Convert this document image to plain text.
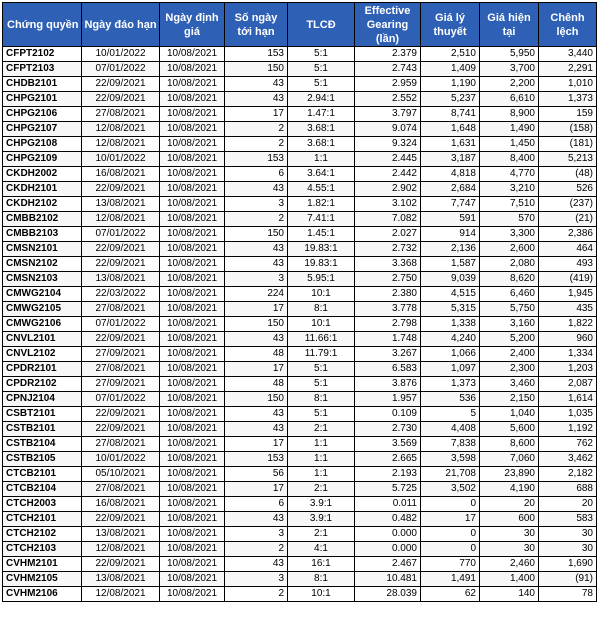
Chứng quyền	Ngày đáo hạn	Ngày định giá	Số ngày tới hạn	TLCĐ	Effective Gearing (lần)	Giá lý thuyết	Giá hiện tại	Chênh lệch
CFPT2102	10/01/2022	10/08/2021	153	5:1	2.379	2,510	5,950	3,440
CFPT2103	07/01/2022	10/08/2021	150	5:1	2.743	1,409	3,700	2,291
CHDB2101	22/09/2021	10/08/2021	43	5:1	2.959	1,190	2,200	1,010
CHPG2101	22/09/2021	10/08/2021	43	2.94:1	2.552	5,237	6,610	1,373
CHPG2106	27/08/2021	10/08/2021	17	1.47:1	3.797	8,741	8,900	159
CHPG2107	12/08/2021	10/08/2021	2	3.68:1	9.074	1,648	1,490	(158)
CHPG2108	12/08/2021	10/08/2021	2	3.68:1	9.324	1,631	1,450	(181)
CHPG2109	10/01/2022	10/08/2021	153	1:1	2.445	3,187	8,400	5,213
CKDH2002	16/08/2021	10/08/2021	6	3.64:1	2.442	4,818	4,770	(48)
CKDH2101	22/09/2021	10/08/2021	43	4.55:1	2.902	2,684	3,210	526
CKDH2102	13/08/2021	10/08/2021	3	1.82:1	3.102	7,747	7,510	(237)
CMBB2102	12/08/2021	10/08/2021	2	7.41:1	7.082	591	570	(21)
CMBB2103	07/01/2022	10/08/2021	150	1.45:1	2.027	914	3,300	2,386
CMSN2101	22/09/2021	10/08/2021	43	19.83:1	2.732	2,136	2,600	464
CMSN2102	22/09/2021	10/08/2021	43	19.83:1	3.368	1,587	2,080	493
CMSN2103	13/08/2021	10/08/2021	3	5.95:1	2.750	9,039	8,620	(419)
CMWG2104	22/03/2022	10/08/2021	224	10:1	2.380	4,515	6,460	1,945
CMWG2105	27/08/2021	10/08/2021	17	8:1	3.778	5,315	5,750	435
CMWG2106	07/01/2022	10/08/2021	150	10:1	2.798	1,338	3,160	1,822
CNVL2101	22/09/2021	10/08/2021	43	11.66:1	1.748	4,240	5,200	960
CNVL2102	27/09/2021	10/08/2021	48	11.79:1	3.267	1,066	2,400	1,334
CPDR2101	27/08/2021	10/08/2021	17	5:1	6.583	1,097	2,300	1,203
CPDR2102	27/09/2021	10/08/2021	48	5:1	3.876	1,373	3,460	2,087
CPNJ2104	07/01/2022	10/08/2021	150	8:1	1.957	536	2,150	1,614
CSBT2101	22/09/2021	10/08/2021	43	5:1	0.109	5	1,040	1,035
CSTB2101	22/09/2021	10/08/2021	43	2:1	2.730	4,408	5,600	1,192
CSTB2104	27/08/2021	10/08/2021	17	1:1	3.569	7,838	8,600	762
CSTB2105	10/01/2022	10/08/2021	153	1:1	2.665	3,598	7,060	3,462
CTCB2101	05/10/2021	10/08/2021	56	1:1	2.193	21,708	23,890	2,182
CTCB2104	27/08/2021	10/08/2021	17	2:1	5.725	3,502	4,190	688
CTCH2003	16/08/2021	10/08/2021	6	3.9:1	0.011	0	20	20
CTCH2101	22/09/2021	10/08/2021	43	3.9:1	0.482	17	600	583
CTCH2102	13/08/2021	10/08/2021	3	2:1	0.000	0	30	30
CTCH2103	12/08/2021	10/08/2021	2	4:1	0.000	0	30	30
CVHM2101	22/09/2021	10/08/2021	43	16:1	2.467	770	2,460	1,690
CVHM2105	13/08/2021	10/08/2021	3	8:1	10.481	1,491	1,400	(91)
CVHM2106	12/08/2021	10/08/2021	2	10:1	28.039	62	140	78
